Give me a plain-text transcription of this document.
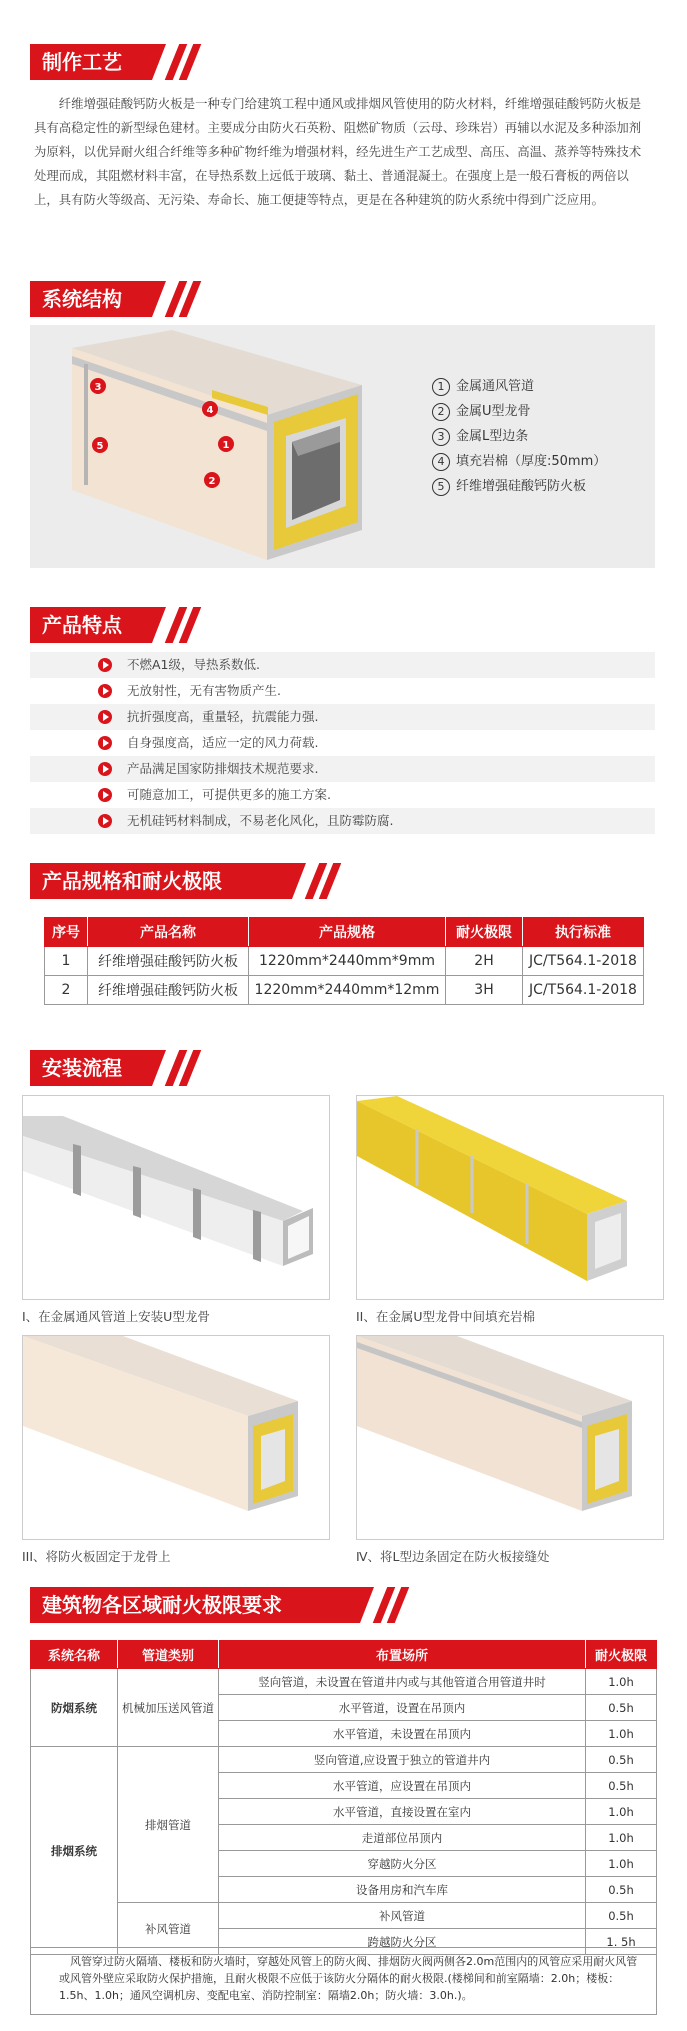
制作工艺
纤维增强硅酸钙防火板是一种专门给建筑工程中通风或排烟风管使用的防火材料，纤维增强硅酸钙防火板是具有高稳定性的新型绿色建材。主要成分由防火石英粉、阻燃矿物质（云母、珍珠岩）再辅以水泥及多种添加剂为原料，以优异耐火组合纤维等多种矿物纤维为增强材料，经先进生产工艺成型、高压、高温、蒸养等特殊技术处理而成，其阻燃材料丰富，在导热系数上远低于玻璃、黏土、普通混凝土。在强度上是一般石膏板的两倍以上，具有防火等级高、无污染、寿命长、施工便捷等特点，更是在各种建筑的防火系统中得到广泛应用。
系统结构
3
5
4
1
2
1 金属通风管道
2 金属U型龙骨
3 金属L型边条
4 填充岩棉（厚度:50mm）
5 纤维增强硅酸钙防火板
产品特点
不燃A1级，导热系数低.
无放射性，无有害物质产生.
抗折强度高，重量轻，抗震能力强.
自身强度高，适应一定的风力荷载.
产品满足国家防排烟技术规范要求.
可随意加工，可提供更多的施工方案.
无机硅钙材料制成，不易老化风化，且防霉防腐.
产品规格和耐火极限
序号	产品名称	产品规格	耐火极限	执行标准
1	纤维增强硅酸钙防火板	1220mm*2440mm*9mm	2H	JC/T564.1-2018
2	纤维增强硅酸钙防火板	1220mm*2440mm*12mm	3H	JC/T564.1-2018
安装流程
I、在金属通风管道上安装U型龙骨	II、在金属U型龙骨中间填充岩棉
III、将防火板固定于龙骨上	Ⅳ、将L型边条固定在防火板接缝处
建筑物各区域耐火极限要求
系统名称	管道类别	布置场所	耐火极限
防烟系统	机械加压送风管道	竖向管道，未设置在管道井内或与其他管道合用管道井时	1.0h
		水平管道，设置在吊顶内	0.5h
		水平管道，未设置在吊顶内	1.0h
排烟系统	排烟管道	竖向管道,应设置于独立的管道井内	0.5h
		水平管道，应设置在吊顶内	0.5h
		水平管道，直接设置在室内	1.0h
		走道部位吊顶内	1.0h
		穿越防火分区	1.0h
		设备用房和汽车库	0.5h
	补风管道	补风管道	0.5h
		跨越防火分区	1. 5h
风管穿过防火隔墙、楼板和防火墙时，穿越处风管上的防火阀、排烟防火阀两侧各2.0m范围内的风管应采用耐火风管或风管外壁应采取防火保护措施，且耐火极限不应低于该防火分隔体的耐火极限.(楼梯间和前室隔墙：2.0h；楼板：1.5h、1.0h；通风空调机房、变配电室、消防控制室：隔墙2.0h；防火墙：3.0h.)。
